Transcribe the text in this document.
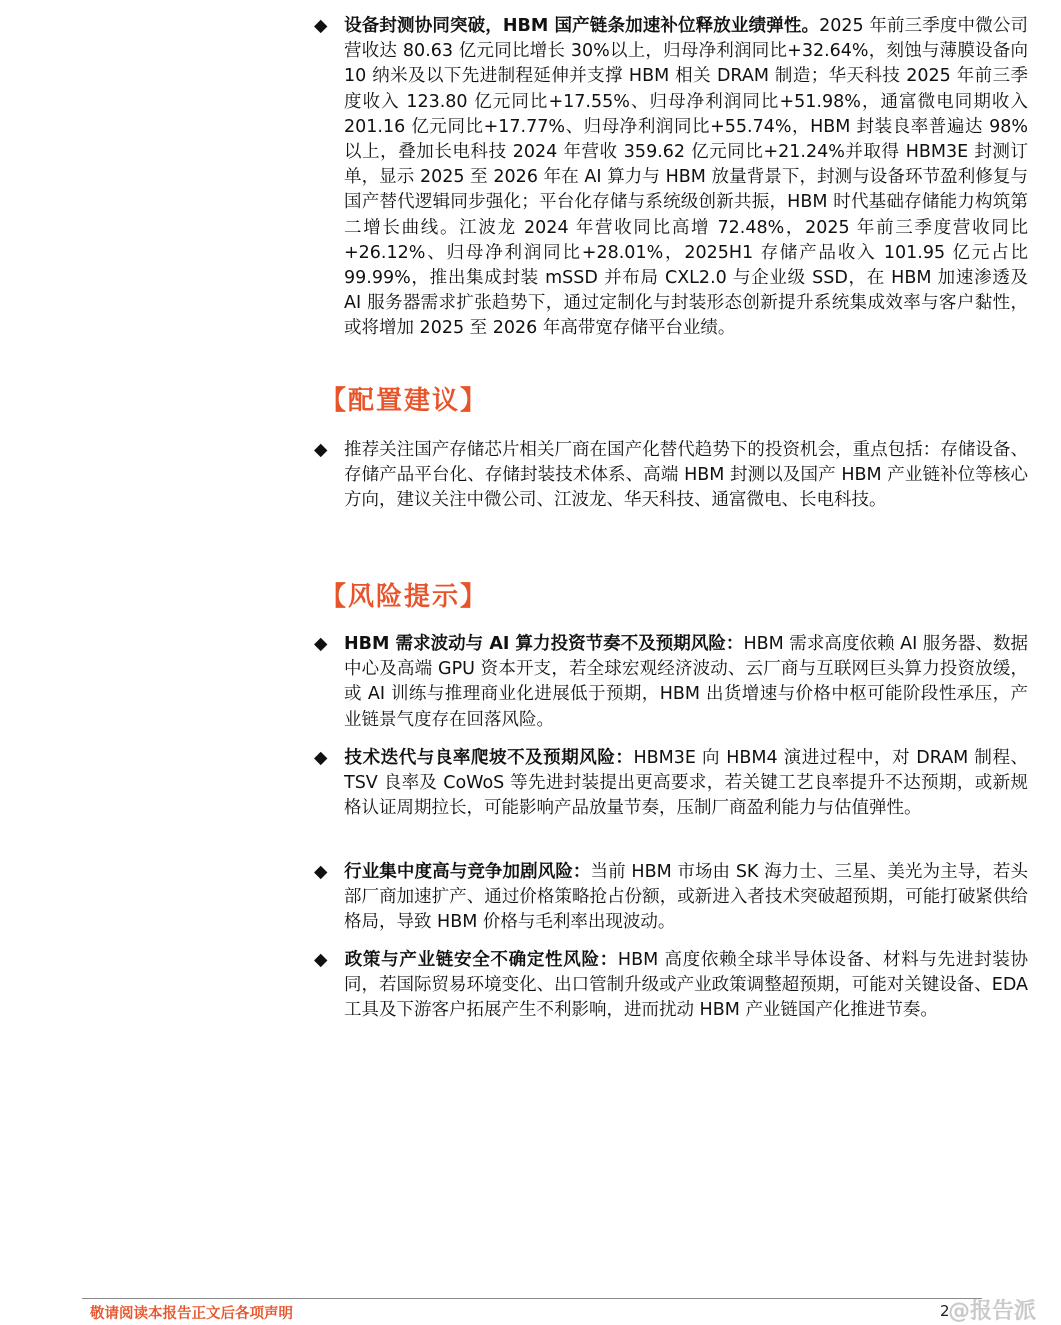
◆ 设备封测协同突破，HBM 国产链条加速补位释放业绩弹性。2025 年前三季度中微公司营收达 80.63 亿元同比增长 30%以上，归母净利润同比+32.64%，刻蚀与薄膜设备向 10 纳米及以下先进制程延伸并支撑 HBM 相关 DRAM 制造；华天科技 2025 年前三季度收入 123.80 亿元同比+17.55%、归母净利润同比+51.98%，通富微电同期收入 201.16 亿元同比+17.77%、归母净利润同比+55.74%，HBM 封装良率普遍达 98%以上，叠加长电科技 2024 年营收 359.62 亿元同比+21.24%并取得 HBM3E 封测订单，显示 2025 至 2026 年在 AI 算力与 HBM 放量背景下，封测与设备环节盈利修复与国产替代逻辑同步强化；平台化存储与系统级创新共振，HBM 时代基础存储能力构筑第二增长曲线。江波龙 2024 年营收同比高增 72.48%，2025 年前三季度营收同比+26.12%、归母净利润同比+28.01%，2025H1 存储产品收入 101.95 亿元占比 99.99%，推出集成封装 mSSD 并布局 CXL2.0 与企业级 SSD，在 HBM 加速渗透及 AI 服务器需求扩张趋势下，通过定制化与封装形态创新提升系统集成效率与客户黏性，或将增加 2025 至 2026 年高带宽存储平台业绩。
【配置建议】
◆ 推荐关注国产存储芯片相关厂商在国产化替代趋势下的投资机会，重点包括：存储设备、存储产品平台化、存储封装技术体系、高端 HBM 封测以及国产 HBM 产业链补位等核心方向，建议关注中微公司、江波龙、华天科技、通富微电、长电科技。
【风险提示】
◆ HBM 需求波动与 AI 算力投资节奏不及预期风险：HBM 需求高度依赖 AI 服务器、数据中心及高端 GPU 资本开支，若全球宏观经济波动、云厂商与互联网巨头算力投资放缓，或 AI 训练与推理商业化进展低于预期，HBM 出货增速与价格中枢可能阶段性承压，产业链景气度存在回落风险。
◆ 技术迭代与良率爬坡不及预期风险：HBM3E 向 HBM4 演进过程中，对 DRAM 制程、TSV 良率及 CoWoS 等先进封装提出更高要求，若关键工艺良率提升不达预期，或新规格认证周期拉长，可能影响产品放量节奏，压制厂商盈利能力与估值弹性。
◆ 行业集中度高与竞争加剧风险：当前 HBM 市场由 SK 海力士、三星、美光为主导，若头部厂商加速扩产、通过价格策略抢占份额，或新进入者技术突破超预期，可能打破紧供给格局，导致 HBM 价格与毛利率出现波动。
◆ 政策与产业链安全不确定性风险：HBM 高度依赖全球半导体设备、材料与先进封装协同，若国际贸易环境变化、出口管制升级或产业政策调整超预期，可能对关键设备、EDA 工具及下游客户拓展产生不利影响，进而扰动 HBM 产业链国产化推进节奏。
敬请阅读本报告正文后各项声明	2
@报告派
